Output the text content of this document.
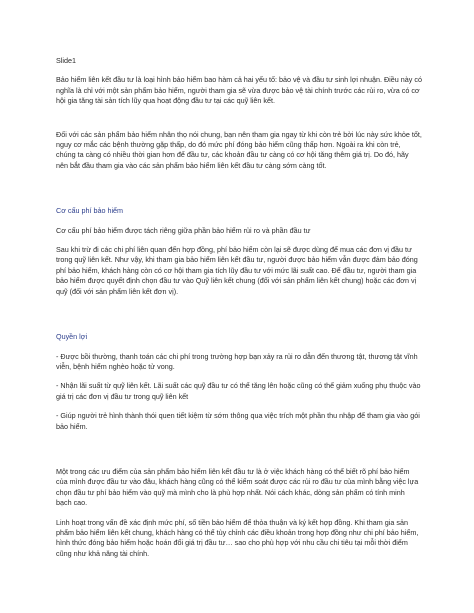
Slide1

Bảo hiểm liên kết đầu tư là loại hình bảo hiểm bao hàm cả hai yếu tố: bảo vệ và đầu tư sinh lợi nhuận. Điều này có nghĩa là chỉ với một sản phẩm bảo hiểm, người tham gia sẽ vừa được bảo vệ tài chính trước các rủi ro, vừa có cơ hội gia tăng tài sản tích lũy qua hoạt động đầu tư tại các quỹ liên kết.

Đối với các sản phẩm bảo hiểm nhân thọ nói chung, bạn nên tham gia ngay từ khi còn trẻ bởi lúc này sức khỏe tốt, nguy cơ mắc các bệnh thường gặp thấp, do đó mức phí đóng bảo hiểm cũng thấp hơn. Ngoài ra khi còn trẻ, chúng ta càng có nhiều thời gian hơn để đầu tư, các khoản đầu tư càng có cơ hội tăng thêm giá trị. Do đó, hãy nên bắt đầu tham gia vào các sản phẩm bảo hiểm liên kết đầu tư càng sớm càng tốt.

Cơ cấu phí bảo hiểm

Cơ cấu phí bảo hiểm được tách riêng giữa phần bảo hiểm rủi ro và phần đầu tư

Sau khi trừ đi các chi phí liên quan đến hợp đồng, phí bảo hiểm còn lại sẽ được dùng để mua các đơn vị đầu tư trong quỹ liên kết. Như vậy, khi tham gia bảo hiểm liên kết đầu tư, người được bảo hiểm vẫn được đảm bảo đóng phí bảo hiểm, khách hàng còn có cơ hội tham gia tích lũy đầu tư với mức lãi suất cao. Để đầu tư, người tham gia bảo hiểm được quyết định chọn đầu tư vào Quỹ liên kết chung (đối với sản phẩm liên kết chung) hoặc các đơn vị quỹ (đối với sản phẩm liên kết đơn vị).

Quyền lợi

- Được bồi thường, thanh toán các chi phí trong trường hợp bạn xảy ra rủi ro dẫn đến thương tật, thương tật vĩnh viễn, bệnh hiểm nghèo hoặc tử vong.

- Nhận lãi suất từ quỹ liên kết. Lãi suất các quỹ đầu tư có thể tăng lên hoặc cũng có thể giảm xuống phụ thuộc vào giá trị các đơn vị đầu tư trong quỹ liên kết

- Giúp người trẻ hình thành thói quen tiết kiệm từ sớm thông qua việc trích một phần thu nhập để tham gia vào gói bảo hiểm.

Một trong các ưu điểm của sản phẩm bảo hiểm liên kết đầu tư là ở việc khách hàng có thể biết rõ phí bảo hiểm của mình được đầu tư vào đâu, khách hàng cũng có thể kiểm soát được các rủi ro đầu tư của mình bằng việc lựa chọn đầu tư phí bảo hiểm vào quỹ mà mình cho là phù hợp nhất. Nói cách khác, dòng sản phẩm có tính minh bạch cao.

Linh hoạt trong vấn đề xác định mức phí, số tiền bảo hiểm để thỏa thuận và ký kết hợp đồng. Khi tham gia sản phẩm bảo hiểm liên kết chung, khách hàng có thể tùy chỉnh các điều khoản trong hợp đồng như chi phí bảo hiểm, hình thức đóng bảo hiểm hoặc hoán đổi giá trị đầu tư… sao cho phù hợp với nhu cầu chi tiêu tại mỗi thời điểm cũng như khả năng tài chính.
